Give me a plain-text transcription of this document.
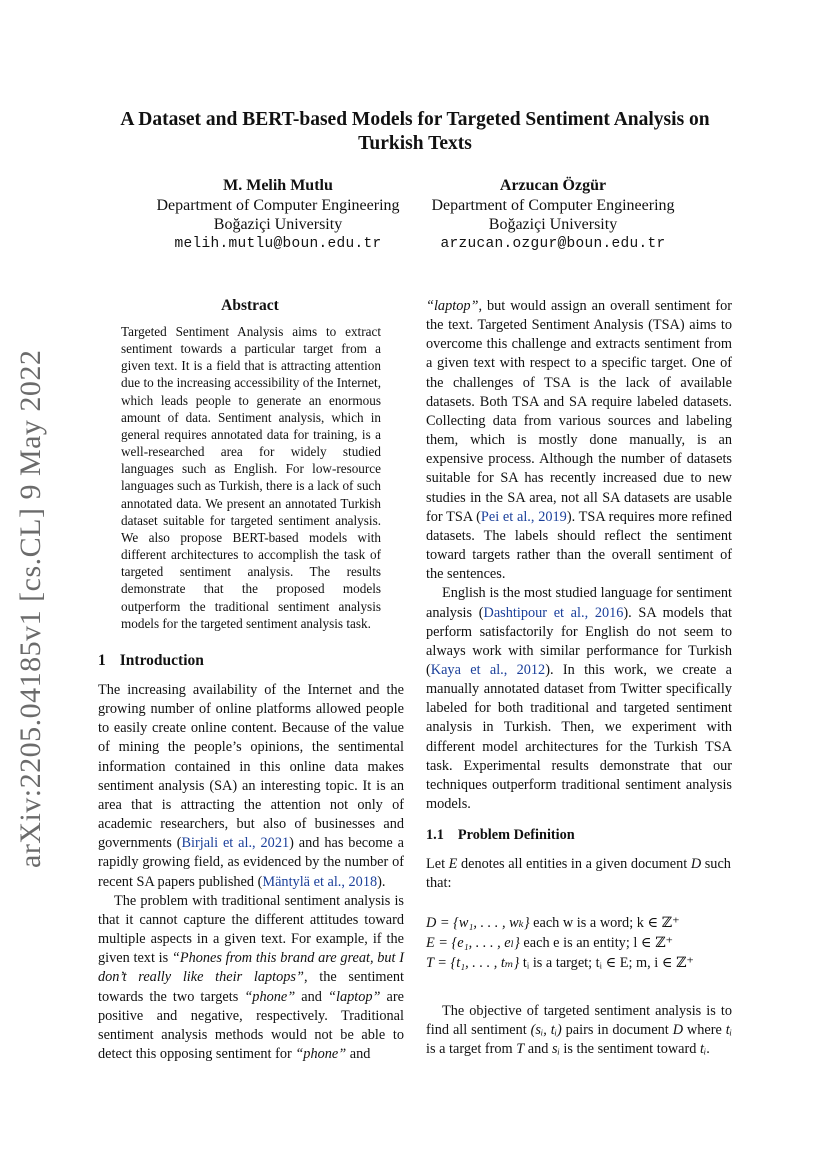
arXiv:2205.04185v1 [cs.CL] 9 May 2022
A Dataset and BERT-based Models for Targeted Sentiment Analysis on
Turkish Texts
M. Melih Mutlu
Department of Computer Engineering
Boğaziçi University
melih.mutlu@boun.edu.tr
Arzucan Özgür
Department of Computer Engineering
Boğaziçi University
arzucan.ozgur@boun.edu.tr
Abstract
Targeted Sentiment Analysis aims to extract sentiment towards a particular target from a given text. It is a field that is attracting attention due to the increasing accessibility of the Internet, which leads people to generate an enormous amount of data. Sentiment analysis, which in general requires annotated data for training, is a well-researched area for widely studied languages such as English. For low-resource languages such as Turkish, there is a lack of such annotated data. We present an annotated Turkish dataset suitable for targeted sentiment analysis. We also propose BERT-based models with different architectures to accomplish the task of targeted sentiment analysis. The results demonstrate that the proposed models outperform the traditional sentiment analysis models for the targeted sentiment analysis task.
1 Introduction

The increasing availability of the Internet and the growing number of online platforms allowed people to easily create online content. Because of the value of mining the people’s opinions, the sentimental information contained in this online data makes sentiment analysis (SA) an interesting topic. It is an area that is attracting the attention not only of academic researchers, but also of businesses and governments (Birjali et al., 2021) and has become a rapidly growing field, as evidenced by the number of recent SA papers published (Mäntylä et al., 2018).

The problem with traditional sentiment analysis is that it cannot capture the different attitudes toward multiple aspects in a given text. For example, if the given text is “Phones from this brand are great, but I don’t really like their laptops”, the sentiment towards the two targets “phone” and “laptop” are positive and negative, respectively. Traditional sentiment analysis methods would not be able to detect this opposing sentiment for “phone” and

“laptop”, but would assign an overall sentiment for the text. Targeted Sentiment Analysis (TSA) aims to overcome this challenge and extracts sentiment from a given text with respect to a specific target. One of the challenges of TSA is the lack of available datasets. Both TSA and SA require labeled datasets. Collecting data from various sources and labeling them, which is mostly done manually, is an expensive process. Although the number of datasets suitable for SA has recently increased due to new studies in the SA area, not all SA datasets are usable for TSA (Pei et al., 2019). TSA requires more refined datasets. The labels should reflect the sentiment toward targets rather than the overall sentiment of the sentences.

English is the most studied language for sentiment analysis (Dashtipour et al., 2016). SA models that perform satisfactorily for English do not seem to always work with similar performance for Turkish (Kaya et al., 2012). In this work, we create a manually annotated dataset from Twitter specifically labeled for both traditional and targeted sentiment analysis in Turkish. Then, we experiment with different model architectures for the Turkish TSA task. Experimental results demonstrate that our techniques outperform traditional sentiment analysis models.

1.1 Problem Definition
Let E denotes all entities in a given document D such that:
D = {w₁, . . . , wₖ} each w is a word; k ∈ ℤ⁺
E = {e₁, . . . , eₗ} each e is an entity; l ∈ ℤ⁺
T = {t₁, . . . , tₘ} tᵢ is a target; tᵢ ∈ E; m, i ∈ ℤ⁺
The objective of targeted sentiment analysis is to find all sentiment (sᵢ, tᵢ) pairs in document D where tᵢ is a target from T and sᵢ is the sentiment toward tᵢ.
